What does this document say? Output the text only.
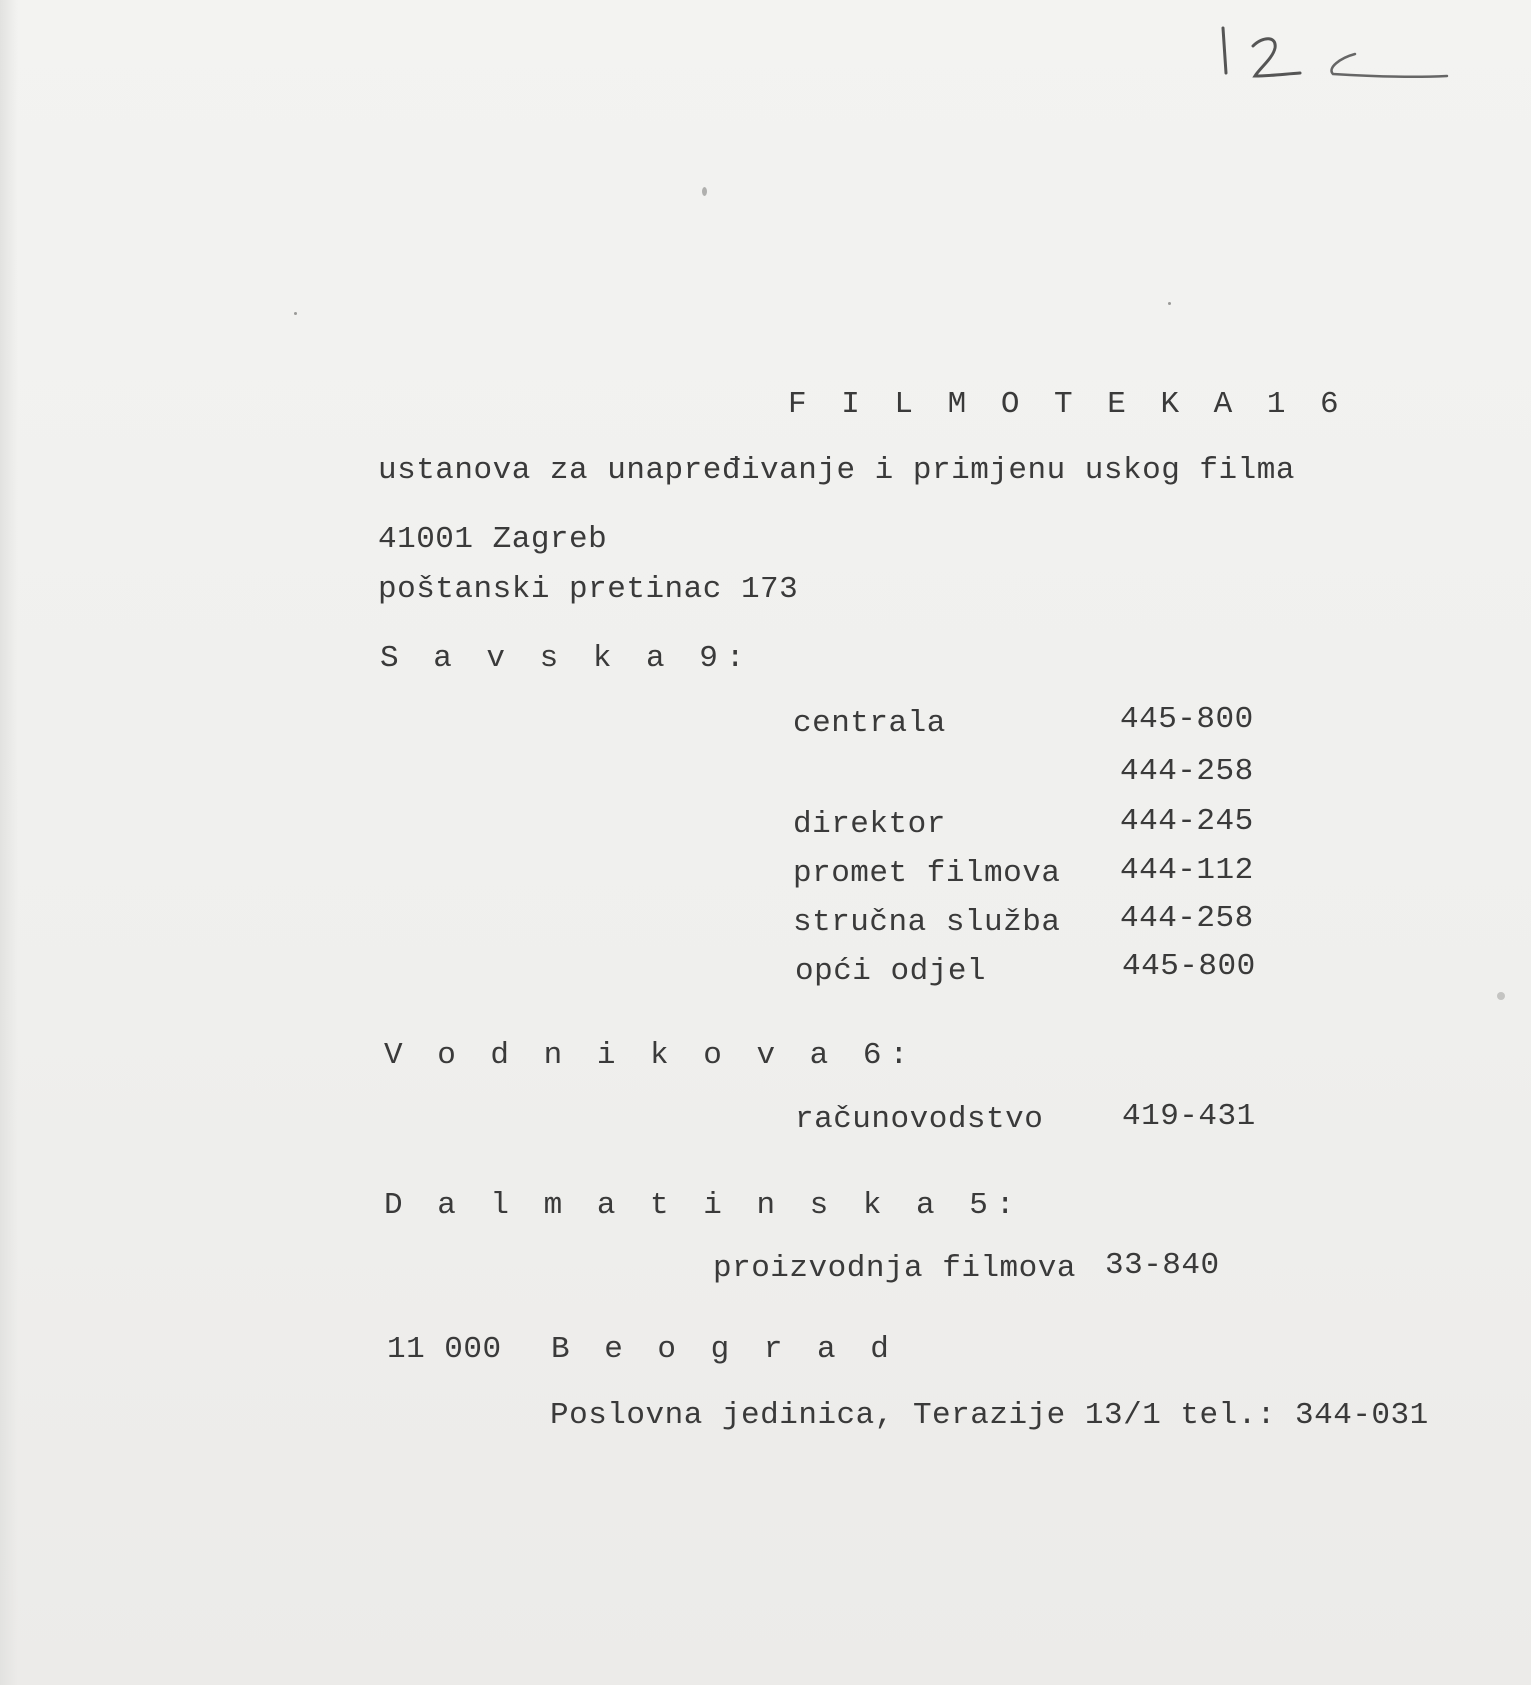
F I L M O T E K A 1 6
ustanova za unapređivanje i primjenu uskog filma
41001 Zagreb
poštanski pretinac 173
S a v s k a 9:
centrala	445-800
444-258
direktor	444-245
promet filmova 444-112
stručna služba 444-258
opći odjel	445-800
V o d n i k o v a 6:
računovodstvo	419-431
D a l m a t i n s k a 5:
proizvodnja filmova 33-840
11 000 B e o g r a d
Poslovna jedinica, Terazije 13/1 tel.: 344-031
